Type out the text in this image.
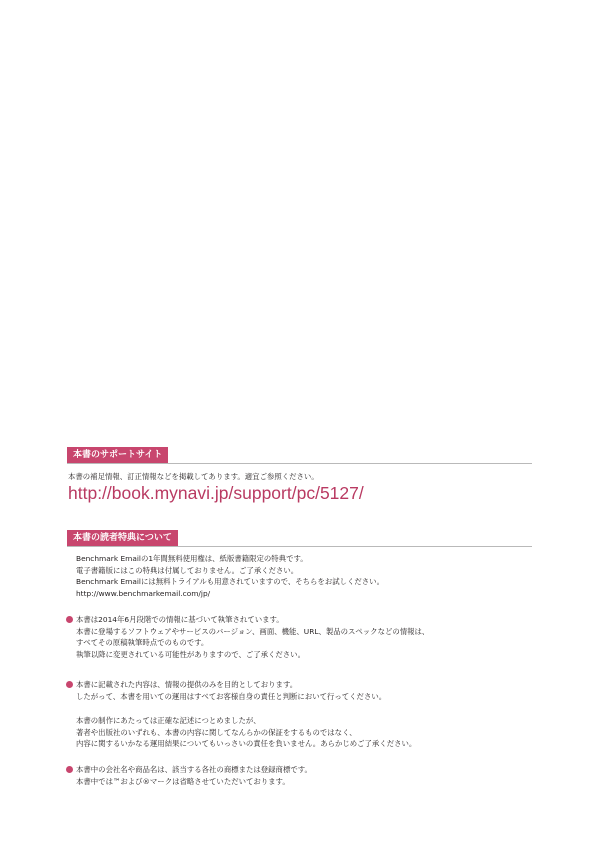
本書のサポートサイト
本書の補足情報、訂正情報などを掲載してあります。適宜ご参照ください。
http://book.mynavi.jp/support/pc/5127/
本書の読者特典について
Benchmark Emailの1年間無料使用権は、紙版書籍限定の特典です。
電子書籍版にはこの特典は付属しておりません。ご了承ください。
Benchmark Emailには無料トライアルも用意されていますので、そちらをお試しください。
http://www.benchmarkemail.com/jp/
本書は2014年6月段階での情報に基づいて執筆されています。
本書に登場するソフトウェアやサービスのバージョン、画面、機能、URL、製品のスペックなどの情報は、
すべてその原稿執筆時点でのものです。
執筆以降に変更されている可能性がありますので、ご了承ください。
本書に記載された内容は、情報の提供のみを目的としております。
したがって、本書を用いての運用はすべてお客様自身の責任と判断において行ってください。
本書の制作にあたっては正確な記述につとめましたが、
著者や出版社のいずれも、本書の内容に関してなんらかの保証をするものではなく、
内容に関するいかなる運用結果についてもいっさいの責任を負いません。あらかじめご了承ください。
本書中の会社名や商品名は、該当する各社の商標または登録商標です。
本書中では™および®マークは省略させていただいております。
